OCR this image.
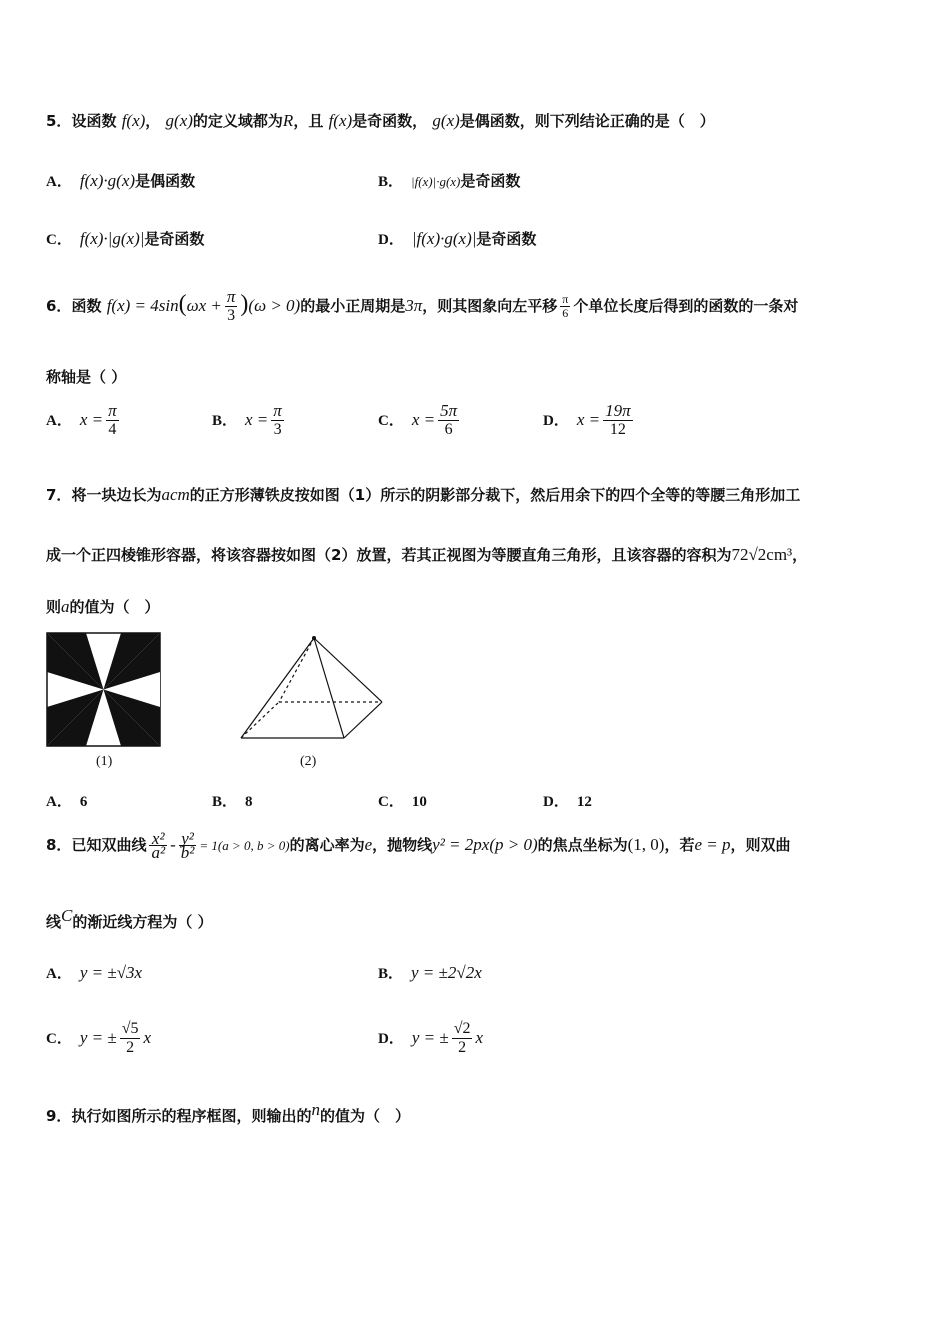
5．设函数 f(x)， g(x)的定义域都为R，且 f(x)是奇函数， g(x)是偶函数，则下列结论正确的是（　）
A． f(x)·g(x)是偶函数	B． |f(x)|·g(x)是奇函数
C． f(x)·|g(x)|是奇函数	D． |f(x)·g(x)|是奇函数
6．函数 $f(x) = 4\sin(\omega x + \frac{\pi}{3} )(\omega > 0)$的最小正周期是3π，则其图象向左平移 $\frac{\pi}{6}$ 个单位长度后得到的函数的一条对
称轴是（ ）
A． $x = \frac{\pi}{4}$	B． $x = \frac{\pi}{3}$	C． $x = \frac{5\pi}{6}$	D． $x = \frac{19\pi}{12}$
7．将一块边长为acm的正方形薄铁皮按如图（1）所示的阴影部分裁下，然后用余下的四个全等的等腰三角形加工
成一个正四棱锥形容器，将该容器按如图（2）放置，若其正视图为等腰直角三角形，且该容器的容积为72√2cm³，
则a的值为（　）
(1)	(2)
A． 6	B． 8	C． 10	D． 12
8．已知双曲线 $\frac{\text{x²}}{\text{a²}} - \frac{\text{y²}}{\text{b²}} = 1(a > 0$, b > 0)的离心率为e，抛物线y² = 2px(p > 0)的焦点坐标为(1, 0)，若e = p，则双曲
线C的渐近线方程为（ ）
A． y = ±√3x	B． y = ±2√2x
C． y = ± $\frac{√5}{2}$ x	D． y = ± $\frac{√2}{2}$ x
9．执行如图所示的程序框图，则输出的n的值为（　）
